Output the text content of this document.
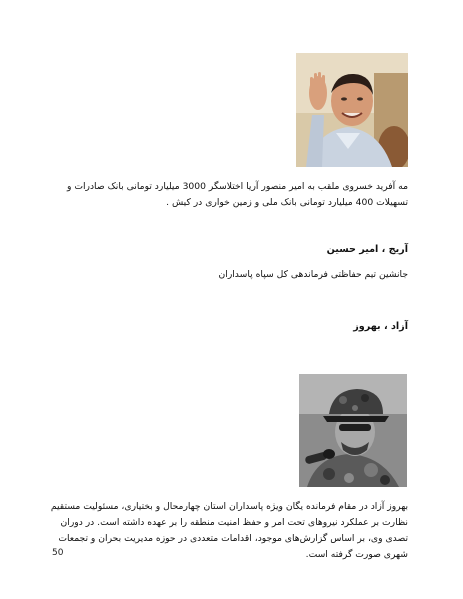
مه آفرید خسروی ملقب به امیر منصور آریا اختلاسگر 3000 میلیارد تومانی بانک صادرات و تسهیلات 400 میلیارد تومانی بانک ملی و زمین خواری در کیش .
آریج ، امیر حسین
جانشین تیم حفاظتی فرماندهی کل سپاه پاسداران
آزاد ، بهروز
بهروز آزاد در مقام فرمانده یگان ویژه پاسداران استان چهارمحال و بختیاری، مسئولیت مستقیم نظارت بر عملکرد نیروهای تحت امر و حفظ امنیت منطقه را بر عهده داشته است. در دوران تصدی وی، بر اساس گزارش‌های موجود، اقدامات متعددی در حوزه مدیریت بحران و تجمعات شهری صورت گرفته است.
50
